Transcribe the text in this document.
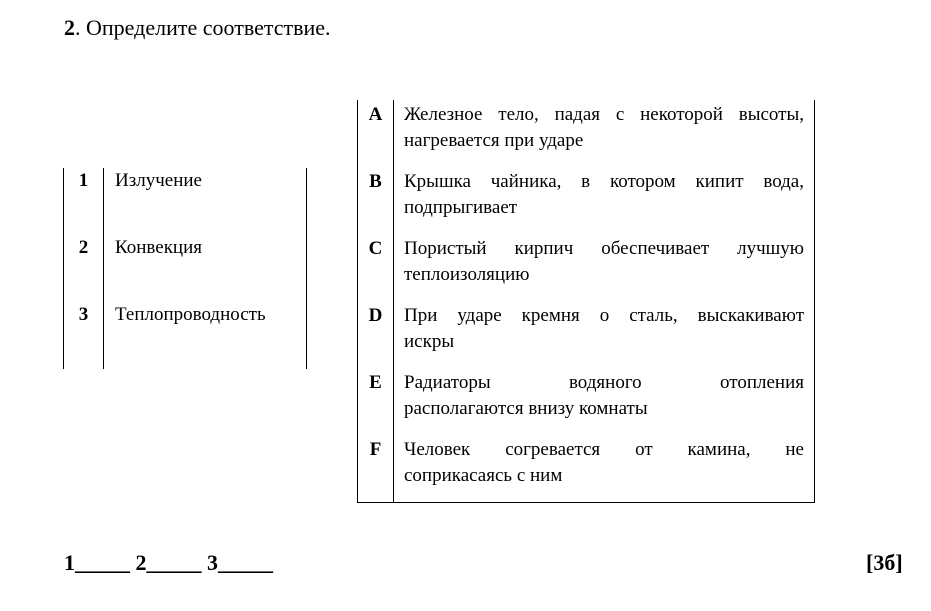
2. Определите соответствие.
1	Излучение
2	Конвекция
3	Теплопроводность
A	Железное тело, падая с некоторой высоты,
нагревается при ударе
B	Крышка чайника, в котором кипит вода,
подпрыгивает
C	Пористый кирпич обеспечивает лучшую
теплоизоляцию
D	При ударе кремня о сталь, выскакивают
искры
E	Радиаторы водяного отопления
располагаются внизу комнаты
F	Человек согревается от камина, не
соприкасаясь с ним
1_____ 2_____ 3_____	[3б]
